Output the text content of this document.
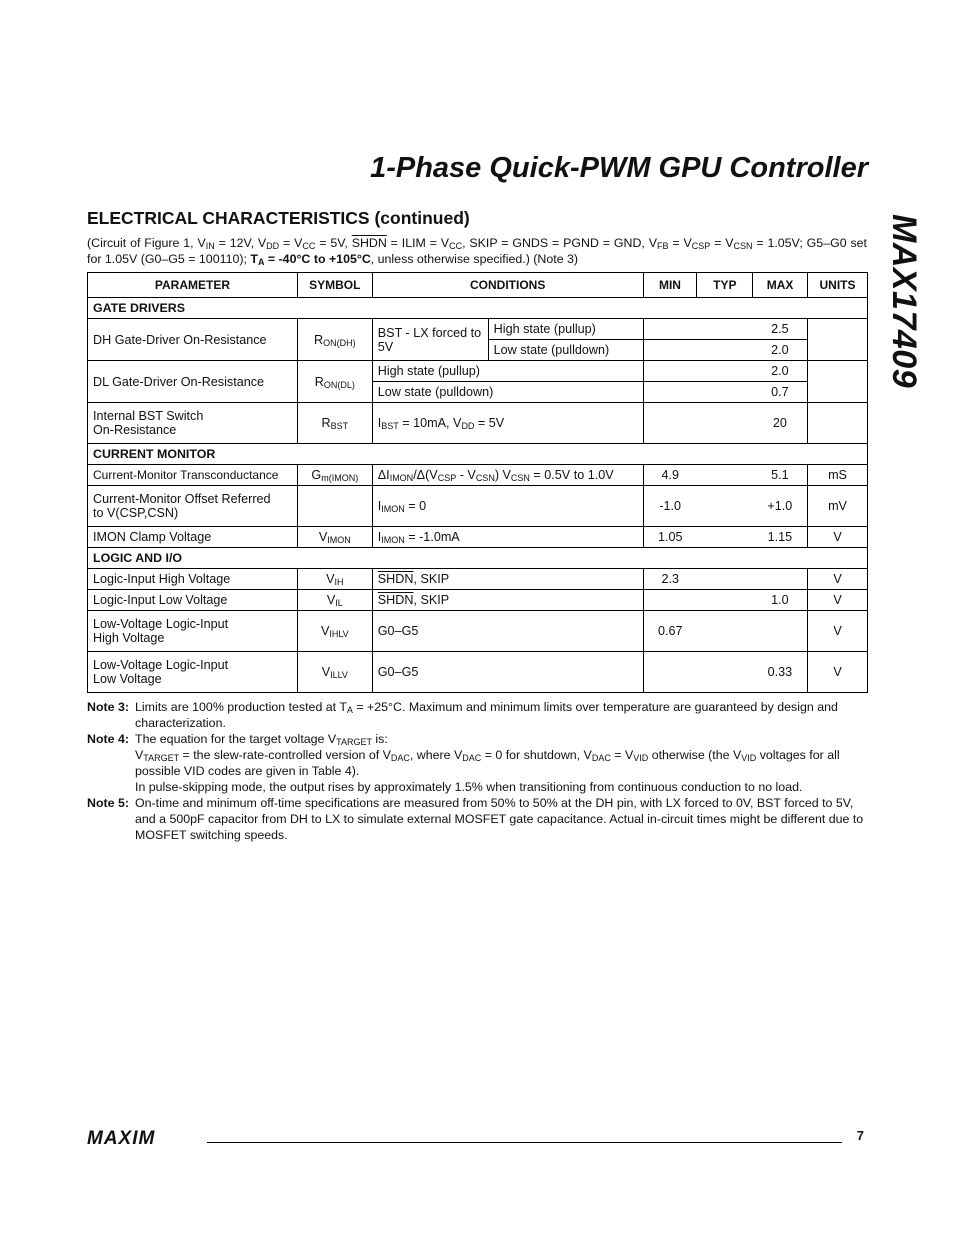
1-Phase Quick-PWM GPU Controller
MAX17409
ELECTRICAL CHARACTERISTICS (continued)
(Circuit of Figure 1, $V_{IN} = 12V$, $V_{DD} = V_{CC} = 5V$, SHDN = ILIM = $V_{CC}$, SKIP = GNDS = PGND = GND, $V_{FB} = V_{CSP} = V_{CSN} = 1.05V$; G5–G0 set for 1.05V (G0–G5 = 100110); $T_A = -40^\circ C$ to +105°C, unless otherwise specified.) (Note 3)
PARAMETER	SYMBOL	CONDITIONS		MIN	TYP	MAX	UNITS
GATE DRIVERS							
DH Gate-Driver On-Resistance	$R_{ON(DH)}$	BST - LX forced to 5V	High state (pullup)			2.5	
			Low state (pulldown)			2.0	
DL Gate-Driver On-Resistance	$R_{ON(DL)}$	High state (pullup)				2.0	
		Low state (pulldown)				0.7	

Internal BST Switch
On-Resistance	$R_{BST}$	$I_{BST} = 10mA$, $V_{DD} = 5V$				20	
CURRENT MONITOR							
Current-Monitor Transconductance	$G_{m(IMON)}$	$\Delta I_{IMON}/\Delta(V_{CSP} - V_{CSN}) V_{CSN} = 0.5V$ to 1.0V		4.9		5.1	mS

Current-Monitor Offset Referred
to V(CSP,CSN)		$I_{IMON} = 0$		-1.0		+1.0	mV
IMON Clamp Voltage	$V_{IMON}$	$I_{IMON} = -1.0mA$		1.05		1.15	V
LOGIC AND I/O							
Logic-Input High Voltage	$V_{IH}$	SHDN, SKIP		2.3			V
Logic-Input Low Voltage	$V_{IL}$	SHDN, SKIP				1.0	V

Low-Voltage Logic-Input
High Voltage	$V_{IHLV}$	G0–G5		0.67			V

Low-Voltage Logic-Input
Low Voltage	$V_{ILLV}$	G0–G5				0.33	V
Note 3: Limits are 100% production tested at $T_A = +25^\circ C$. Maximum and minimum limits over temperature are guaranteed by design and characterization.
Note 4: The equation for the target voltage $V_{TARGET}$ is:
$V_{TARGET}$ = the slew-rate-controlled version of $V_{DAC}$, where $V_{DAC} = 0$ for shutdown, $V_{DAC} = V_{VID}$ otherwise (the $V_{VID}$ voltages for all possible VID codes are given in Table 4).
In pulse-skipping mode, the output rises by approximately 1.5% when transitioning from continuous conduction to no load.
Note 5: On-time and minimum off-time specifications are measured from 50% to 50% at the DH pin, with LX forced to 0V, BST forced to 5V, and a 500pF capacitor from DH to LX to simulate external MOSFET gate capacitance. Actual in-circuit times might be different due to MOSFET switching speeds.
MAXIM	7
